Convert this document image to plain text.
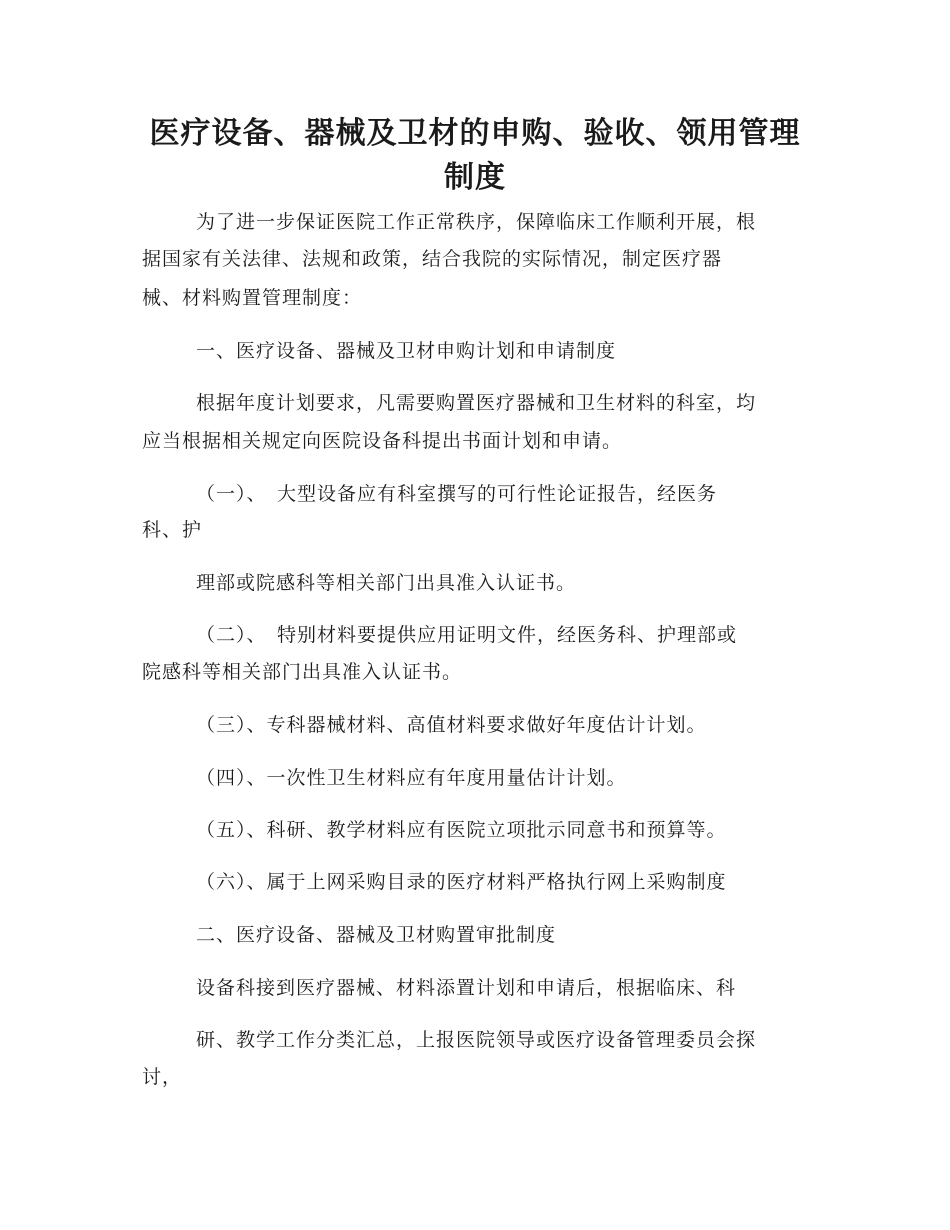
医疗设备、器械及卫材的申购、验收、领用管理
制度
为了进一步保证医院工作正常秩序，保障临床工作顺利开展，根
据国家有关法律、法规和政策，结合我院的实际情况，制定医疗器
械、材料购置管理制度：
一、医疗设备、器械及卫材申购计划和申请制度
根据年度计划要求，凡需要购置医疗器械和卫生材料的科室，均
应当根据相关规定向医院设备科提出书面计划和申请。
（一）、　大型设备应有科室撰写的可行性论证报告，经医务
科、护
理部或院感科等相关部门出具准入认证书。
（二）、　特别材料要提供应用证明文件，经医务科、护理部或
院感科等相关部门出具准入认证书。
（三）、专科器械材料、高值材料要求做好年度估计计划。
（四）、一次性卫生材料应有年度用量估计计划。
（五）、科研、教学材料应有医院立项批示同意书和预算等。
（六）、属于上网采购目录的医疗材料严格执行网上采购制度
二、医疗设备、器械及卫材购置审批制度
设备科接到医疗器械、材料添置计划和申请后，根据临床、科
研、教学工作分类汇总，上报医院领导或医疗设备管理委员会探
讨，
